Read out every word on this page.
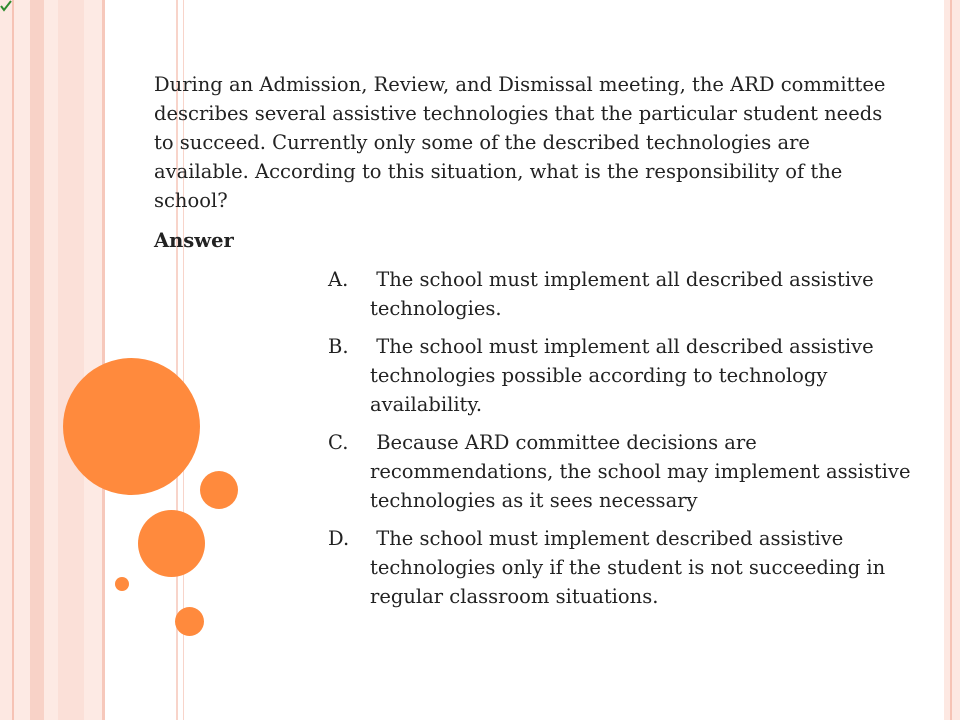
During an Admission, Review, and Dismissal meeting, the ARD committee describes several assistive technologies that the particular student needs to succeed. Currently only some of the described technologies are available. According to this situation, what is the responsibility of the school?

Answer

A. The school must implement all described assistive technologies.
B. The school must implement all described assistive technologies possible according to technology availability.
C. Because ARD committee decisions are recommendations, the school may implement assistive technologies as it sees necessary
D. The school must implement described assistive technologies only if the student is not succeeding in regular classroom situations.
